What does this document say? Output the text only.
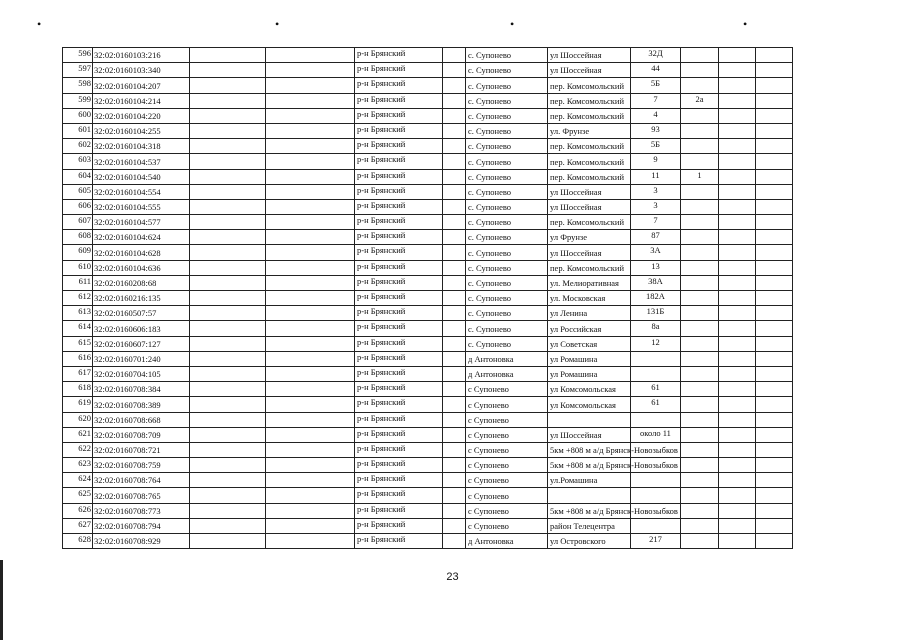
•	•	•	•
596	32:02:0160103:216			р-н Брянский		с. Супонево	ул Шоссейная	32Д			
597	32:02:0160103:340			р-н Брянский		с. Супонево	ул Шоссейная	44			
598	32:02:0160104:207			р-н Брянский		с. Супонево	пер. Комсомольский	5Б			
599	32:02:0160104:214			р-н Брянский		с. Супонево	пер. Комсомольский	7	2а		
600	32:02:0160104:220			р-н Брянский		с. Супонево	пер. Комсомольский	4			
601	32:02:0160104:255			р-н Брянский		с. Супонево	ул. Фрунзе	93			
602	32:02:0160104:318			р-н Брянский		с. Супонево	пер. Комсомольский	5Б			
603	32:02:0160104:537			р-н Брянский		с. Супонево	пер. Комсомольский	9			
604	32:02:0160104:540			р-н Брянский		с. Супонево	пер. Комсомольский	11	1		
605	32:02:0160104:554			р-н Брянский		с. Супонево	ул Шоссейная	3			
606	32:02:0160104:555			р-н Брянский		с. Супонево	ул Шоссейная	3			
607	32:02:0160104:577			р-н Брянский		с. Супонево	пер. Комсомольский	7			
608	32:02:0160104:624			р-н Брянский		с. Супонево	ул Фрунзе	87			
609	32:02:0160104:628			р-н Брянский		с. Супонево	ул Шоссейная	3А			
610	32:02:0160104:636			р-н Брянский		с. Супонево	пер. Комсомольский	13			
611	32:02:0160208:68			р-н Брянский		с. Супонево	ул. Мелиоративная	38А			
612	32:02:0160216:135			р-н Брянский		с. Супонево	ул. Московская	182А			
613	32:02:0160507:57			р-н Брянский		с. Супонево	ул Ленина	131Б			
614	32:02:0160606:183			р-н Брянский		с. Супонево	ул Российская	8а			
615	32:02:0160607:127			р-н Брянский		с. Супонево	ул Советская	12			
616	32:02:0160701:240			р-н Брянский		д Антоновка	ул Ромашина				
617	32:02:0160704:105			р-н Брянский		д Антоновка	ул Ромашина				
618	32:02:0160708:384			р-н Брянский		с Супонево	ул Комсомольская	61			
619	32:02:0160708:389			р-н Брянский		с Супонево	ул Комсомольская	61			
620	32:02:0160708:668			р-н Брянский		с Супонево					
621	32:02:0160708:709			р-н Брянский		с Супонево	ул Шоссейная	около 11			
622	32:02:0160708:721			р-н Брянский		с Супонево	5км +808 м а/д Брянск-Новозыбков				
623	32:02:0160708:759			р-н Брянский		с Супонево	5км +808 м а/д Брянск-Новозыбков				
624	32:02:0160708:764			р-н Брянский		с Супонево	ул.Ромашина				
625	32:02:0160708:765			р-н Брянский		с Супонево					
626	32:02:0160708:773			р-н Брянский		с Супонево	5км +808 м а/д Брянск-Новозыбков				
627	32:02:0160708:794			р-н Брянский		с Супонево	район Телецентра				
628	32:02:0160708:929			р-н Брянский		д Антоновка	ул Островского	217			
23
